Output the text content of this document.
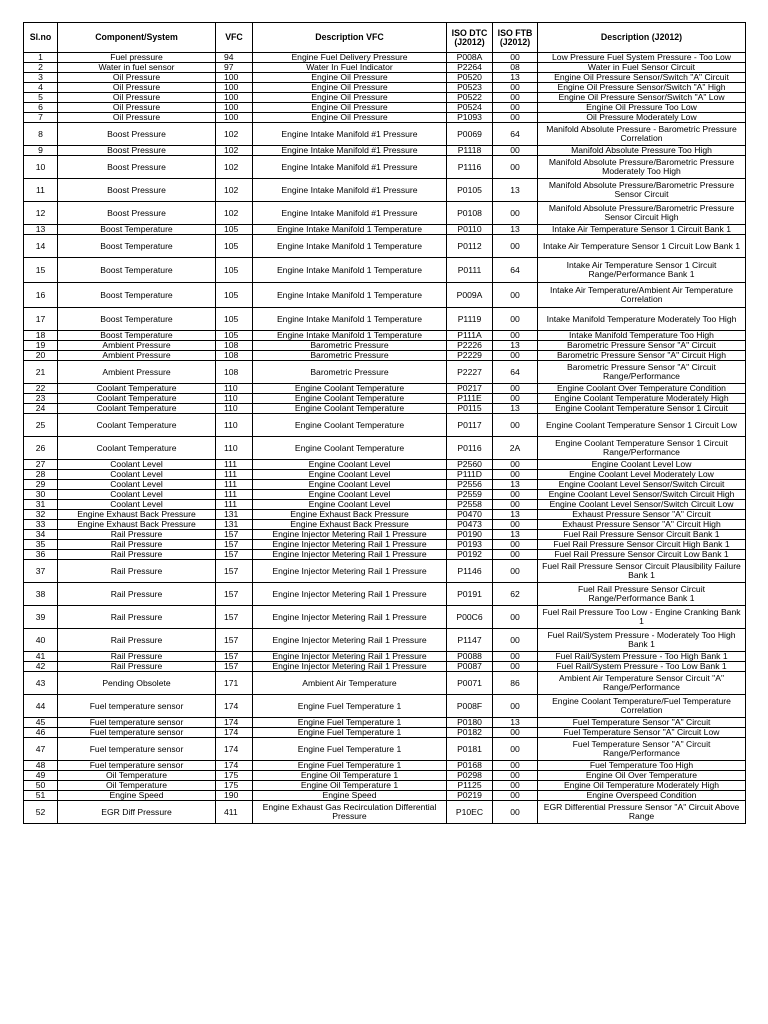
Sl.no	Component/System	VFC	Description VFC	ISO DTC (J2012)	ISO FTB (J2012)	Description (J2012)
1	Fuel pressure	94	Engine Fuel Delivery Pressure	P008A	00	Low Pressure Fuel System Pressure - Too Low
2	Water in fuel sensor	97	Water In Fuel Indicator	P2264	08	Water in Fuel Sensor Circuit
3	Oil Pressure	100	Engine Oil Pressure	P0520	13	Engine Oil Pressure Sensor/Switch "A" Circuit
4	Oil Pressure	100	Engine Oil Pressure	P0523	00	Engine Oil Pressure Sensor/Switch "A" High
5	Oil Pressure	100	Engine Oil Pressure	P0522	00	Engine Oil Pressure Sensor/Switch "A" Low
6	Oil Pressure	100	Engine Oil Pressure	P0524	00	Engine Oil Pressure Too Low
7	Oil Pressure	100	Engine Oil Pressure	P1093	00	Oil Pressure Moderately Low
8	Boost Pressure	102	Engine Intake Manifold #1 Pressure	P0069	64	Manifold Absolute Pressure - Barometric Pressure Correlation
9	Boost Pressure	102	Engine Intake Manifold #1 Pressure	P1118	00	Manifold Absolute Pressure Too High
10	Boost Pressure	102	Engine Intake Manifold #1 Pressure	P1116	00	Manifold Absolute Pressure/Barometric Pressure Moderately Too High
11	Boost Pressure	102	Engine Intake Manifold #1 Pressure	P0105	13	Manifold Absolute Pressure/Barometric Pressure Sensor Circuit
12	Boost Pressure	102	Engine Intake Manifold #1 Pressure	P0108	00	Manifold Absolute Pressure/Barometric Pressure Sensor Circuit High
13	Boost Temperature	105	Engine Intake Manifold 1 Temperature	P0110	13	Intake Air Temperature Sensor 1 Circuit Bank 1
14	Boost Temperature	105	Engine Intake Manifold 1 Temperature	P0112	00	Intake Air Temperature Sensor 1 Circuit Low Bank 1
15	Boost Temperature	105	Engine Intake Manifold 1 Temperature	P0111	64	Intake Air Temperature Sensor 1 Circuit Range/Performance Bank 1
16	Boost Temperature	105	Engine Intake Manifold 1 Temperature	P009A	00	Intake Air Temperature/Ambient Air Temperature Correlation
17	Boost Temperature	105	Engine Intake Manifold 1 Temperature	P1119	00	Intake Manifold Temperature Moderately Too High
18	Boost Temperature	105	Engine Intake Manifold 1 Temperature	P111A	00	Intake Manifold Temperature Too High
19	Ambient Pressure	108	Barometric Pressure	P2226	13	Barometric Pressure Sensor "A" Circuit
20	Ambient Pressure	108	Barometric Pressure	P2229	00	Barometric Pressure Sensor "A" Circuit High
21	Ambient Pressure	108	Barometric Pressure	P2227	64	Barometric Pressure Sensor "A" Circuit Range/Performance
22	Coolant Temperature	110	Engine Coolant Temperature	P0217	00	Engine Coolant Over Temperature Condition
23	Coolant Temperature	110	Engine Coolant Temperature	P111E	00	Engine Coolant Temperature Moderately High
24	Coolant Temperature	110	Engine Coolant Temperature	P0115	13	Engine Coolant Temperature Sensor 1 Circuit
25	Coolant Temperature	110	Engine Coolant Temperature	P0117	00	Engine Coolant Temperature Sensor 1 Circuit Low
26	Coolant Temperature	110	Engine Coolant Temperature	P0116	2A	Engine Coolant Temperature Sensor 1 Circuit Range/Performance
27	Coolant Level	111	Engine Coolant Level	P2560	00	Engine Coolant Level Low
28	Coolant Level	111	Engine Coolant Level	P111D	00	Engine Coolant Level Moderately Low
29	Coolant Level	111	Engine Coolant Level	P2556	13	Engine Coolant Level Sensor/Switch Circuit
30	Coolant Level	111	Engine Coolant Level	P2559	00	Engine Coolant Level Sensor/Switch Circuit High
31	Coolant Level	111	Engine Coolant Level	P2558	00	Engine Coolant Level Sensor/Switch Circuit Low
32	Engine Exhaust Back Pressure	131	Engine Exhaust Back Pressure	P0470	13	Exhaust Pressure Sensor "A" Circuit
33	Engine Exhaust Back Pressure	131	Engine Exhaust Back Pressure	P0473	00	Exhaust Pressure Sensor "A" Circuit High
34	Rail Pressure	157	Engine Injector Metering Rail 1 Pressure	P0190	13	Fuel Rail Pressure Sensor Circuit Bank 1
35	Rail Pressure	157	Engine Injector Metering Rail 1 Pressure	P0193	00	Fuel Rail Pressure Sensor Circuit High Bank 1
36	Rail Pressure	157	Engine Injector Metering Rail 1 Pressure	P0192	00	Fuel Rail Pressure Sensor Circuit Low Bank 1
37	Rail Pressure	157	Engine Injector Metering Rail 1 Pressure	P1146	00	Fuel Rail Pressure Sensor Circuit Plausibility Failure Bank 1
38	Rail Pressure	157	Engine Injector Metering Rail 1 Pressure	P0191	62	Fuel Rail Pressure Sensor Circuit Range/Performance Bank 1
39	Rail Pressure	157	Engine Injector Metering Rail 1 Pressure	P00C6	00	Fuel Rail Pressure Too Low - Engine Cranking Bank 1
40	Rail Pressure	157	Engine Injector Metering Rail 1 Pressure	P1147	00	Fuel Rail/System Pressure - Moderately Too High Bank 1
41	Rail Pressure	157	Engine Injector Metering Rail 1 Pressure	P0088	00	Fuel Rail/System Pressure - Too High Bank 1
42	Rail Pressure	157	Engine Injector Metering Rail 1 Pressure	P0087	00	Fuel Rail/System Pressure - Too Low Bank 1
43	Pending Obsolete	171	Ambient Air Temperature	P0071	86	Ambient Air Temperature Sensor Circuit "A" Range/Performance
44	Fuel temperature sensor	174	Engine Fuel Temperature 1	P008F	00	Engine Coolant Temperature/Fuel Temperature Correlation
45	Fuel temperature sensor	174	Engine Fuel Temperature 1	P0180	13	Fuel Temperature Sensor "A" Circuit
46	Fuel temperature sensor	174	Engine Fuel Temperature 1	P0182	00	Fuel Temperature Sensor "A" Circuit Low
47	Fuel temperature sensor	174	Engine Fuel Temperature 1	P0181	00	Fuel Temperature Sensor "A" Circuit Range/Performance
48	Fuel temperature sensor	174	Engine Fuel Temperature 1	P0168	00	Fuel Temperature Too High
49	Oil Temperature	175	Engine Oil Temperature 1	P0298	00	Engine Oil Over Temperature
50	Oil Temperature	175	Engine Oil Temperature 1	P1125	00	Engine Oil Temperature Moderately High
51	Engine Speed	190	Engine Speed	P0219	00	Engine Overspeed Condition
52	EGR Diff Pressure	411	Engine Exhaust Gas Recirculation Differential Pressure	P10EC	00	EGR Differential Pressure Sensor "A" Circuit Above Range
